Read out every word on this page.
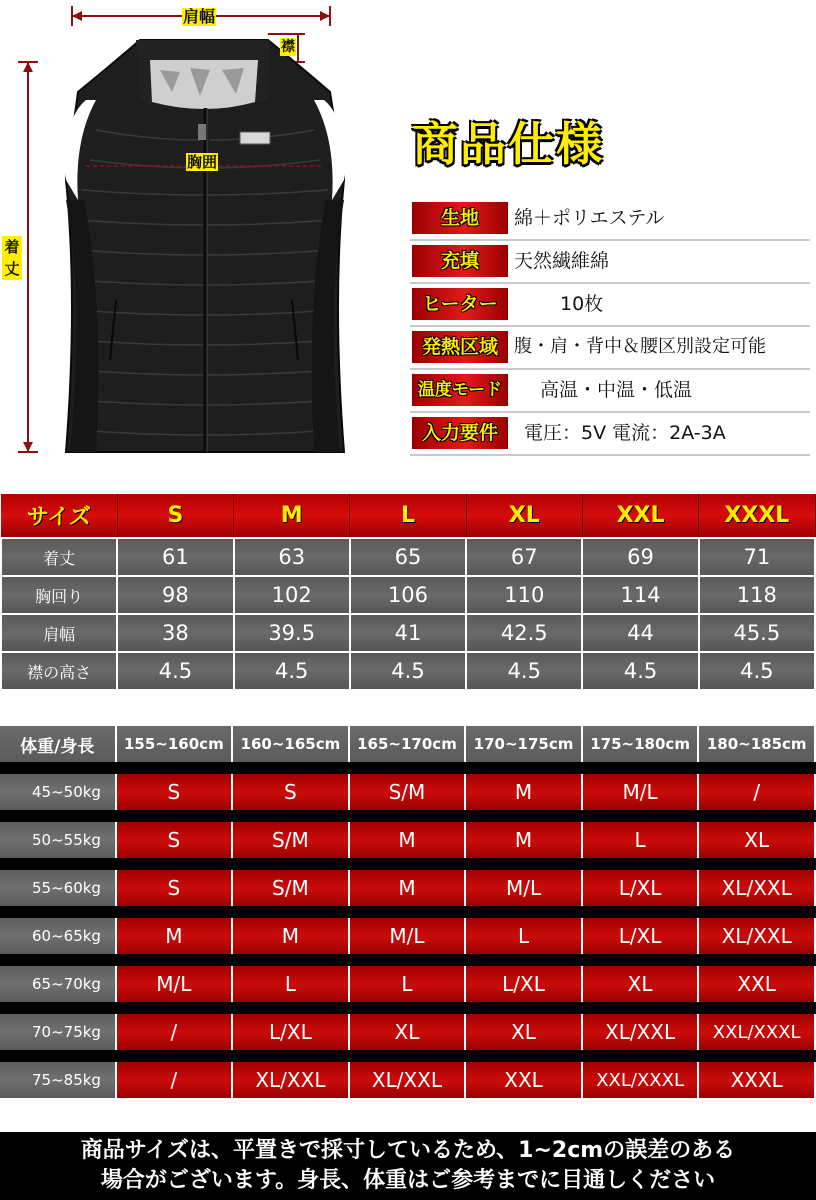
肩幅
襟
胸囲
着丈
商品仕様
生地	綿＋ポリエステル
充填	天然繊維綿
ヒーター	10枚
発熱区域 腹・肩・背中＆腰区別設定可能
温度モード	高温・中温・低温
入力要件	電圧：5V 電流：2A-3A
サイズ	S	M	L	XL	XXL	XXXL
着丈	61	63	65	67	69	71
胸回り	98	102	106	110	114	118
肩幅	38	39.5	41	42.5	44	45.5
襟の高さ	4.5	4.5	4.5	4.5	4.5	4.5
体重/身長	155~160cm	160~165cm	165~170cm	170~175cm	175~180cm	180~185cm

45~50kg	S	S	S/M	M	M/L	/

50~55kg	S	S/M	M	M	L	XL

55~60kg	S	S/M	M	M/L	L/XL	XL/XXL

60~65kg	M	M	M/L	L	L/XL	XL/XXL

65~70kg	M/L	L	L	L/XL	XL	XXL

70~75kg	/	L/XL	XL	XL	XL/XXL	XXL/XXXL

75~85kg	/	XL/XXL	XL/XXL	XXL	XXL/XXXL	XXXL
商品サイズは、平置きで採寸しているため、1~2cmの誤差のある
場合がございます。身長、体重はご参考までに目通しください
